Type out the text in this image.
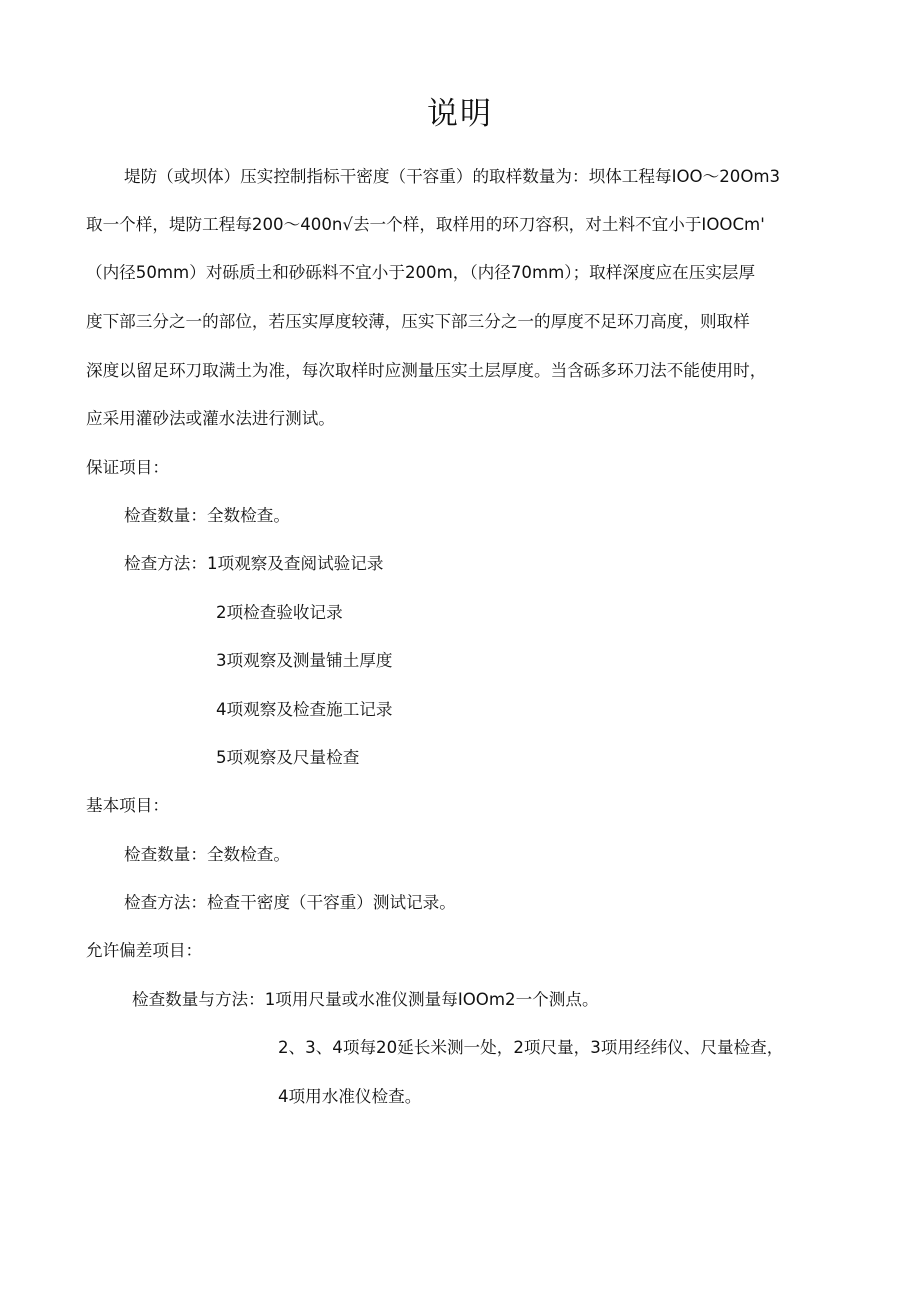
说明
堤防（或坝体）压实控制指标干密度（干容重）的取样数量为：坝体工程每IOO～20Om3
取一个样，堤防工程每200～400n√去一个样，取样用的环刀容积，对土料不宜小于IOOCm'
（内径50mm）对砾质土和砂砾料不宜小于200m，（内径70mm）；取样深度应在压实层厚
度下部三分之一的部位，若压实厚度较薄，压实下部三分之一的厚度不足环刀高度，则取样
深度以留足环刀取满土为准，每次取样时应测量压实土层厚度。当含砾多环刀法不能使用时，
应采用灌砂法或灌水法进行测试。
保证项目：
检查数量：全数检查。
检查方法：1项观察及查阅试验记录
2项检查验收记录
3项观察及测量铺土厚度
4项观察及检查施工记录
5项观察及尺量检查
基本项目：
检查数量：全数检查。
检查方法：检查干密度（干容重）测试记录。
允许偏差项目：
检查数量与方法：1项用尺量或水准仪测量每IOOm2一个测点。
2、3、4项每20延长米测一处，2项尺量，3项用经纬仪、尺量检查，
4项用水准仪检查。
